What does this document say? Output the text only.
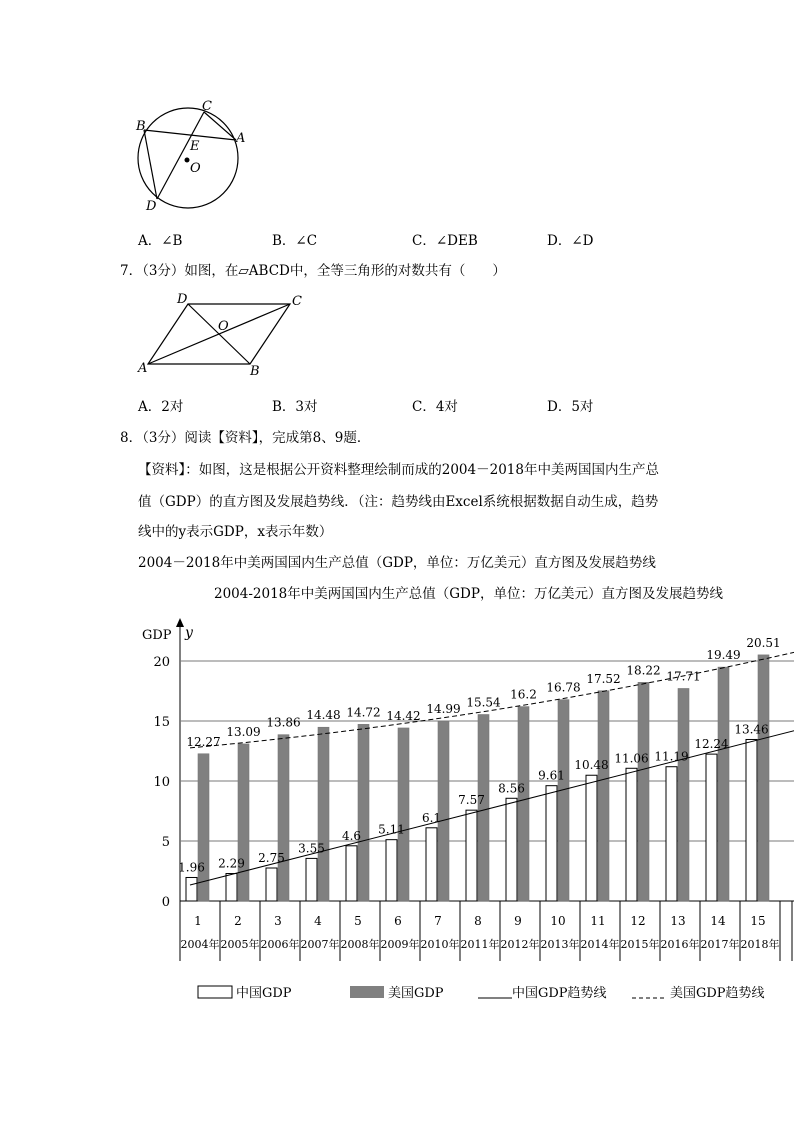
B
C
A
E
O
D
A．∠B	B．∠C	C．∠DEB	D．∠D
7．（3分）如图，在▱ABCD中，全等三角形的对数共有（　　）
D	C
O
A	B
A．2对	B．3对	C．4对	D．5对
8．（3分）阅读【资料】，完成第8、9题．
【资料】：如图，这是根据公开资料整理绘制而成的2004－2018年中美两国国内生产总
值（GDP）的直方图及发展趋势线．（注：趋势线由Excel系统根据数据自动生成，趋势
线中的y表示GDP，x表示年数）
2004－2018年中美两国国内生产总值（GDP，单位：万亿美元）直方图及发展趋势线
2004-2018年中美两国国内生产总值（GDP，单位：万亿美元）直方图及发展趋势线
GDP y
0
5
10
15
20
1	2	3	4	5	6	7	8	9 10 11 12 13 14 15
2004年 2005年 2006年 2007年 2008年 2009年 2010年 2011年 2012年 2013年 2014年 2015年 2016年 2017年 2018年
1.96
12.27
2.29
13.09
2.75
13.86
3.55
14.48
4.6
14.72
5.11
14.42
6.1
14.99
7.57
15.54
8.56
16.2
9.61
16.78
10.48
17.52
11.06
18.22
11.19
17.71
12.24
19.49
13.46
20.51
中国GDP	美国GDP	中国GDP趋势线	美国GDP趋势线
